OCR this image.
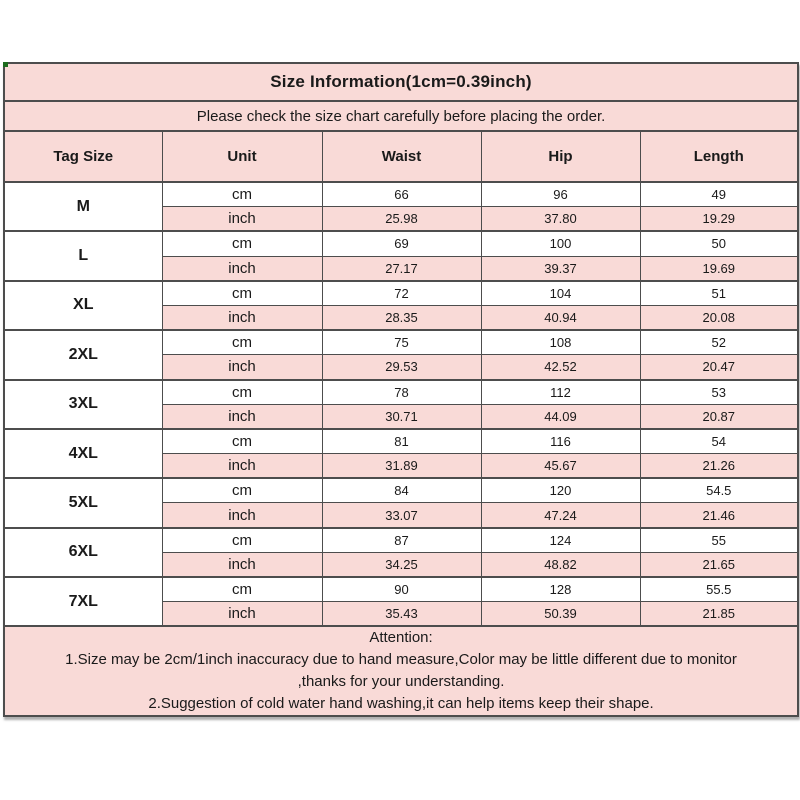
Size Information(1cm=0.39inch)				
Please check the size chart carefully before placing the order.				
Tag Size	Unit	Waist	Hip	Length
M	cm	66	96	49
	inch	25.98	37.80	19.29
L	cm	69	100	50
	inch	27.17	39.37	19.69
XL	cm	72	104	51
	inch	28.35	40.94	20.08
2XL	cm	75	108	52
	inch	29.53	42.52	20.47
3XL	cm	78	112	53
	inch	30.71	44.09	20.87
4XL	cm	81	116	54
	inch	31.89	45.67	21.26
5XL	cm	84	120	54.5
	inch	33.07	47.24	21.46
6XL	cm	87	124	55
	inch	34.25	48.82	21.65
7XL	cm	90	128	55.5
	inch	35.43	50.39	21.85

Attention:
1.Size may be 2cm/1inch inaccuracy due to hand measure,Color may be little different due to monitor
,thanks for your understanding.
2.Suggestion of cold water hand washing,it can help items keep their shape.				
